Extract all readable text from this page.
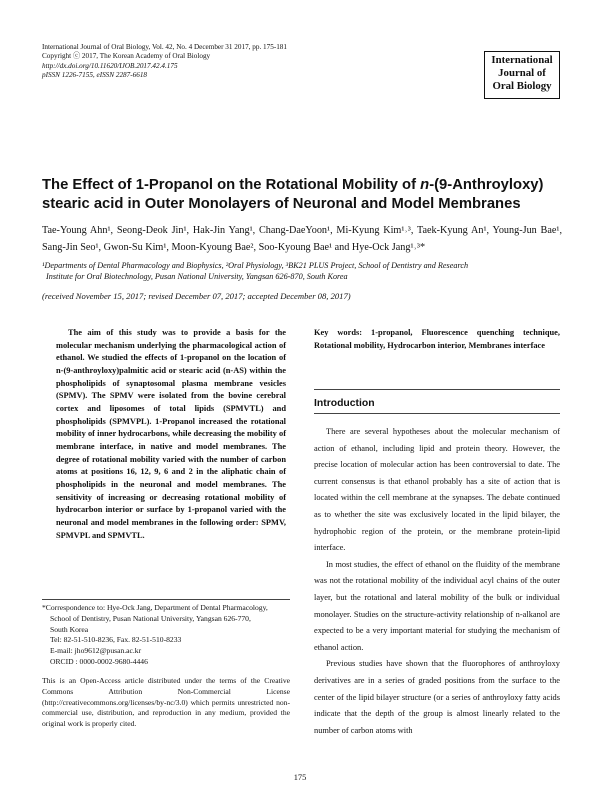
International Journal of Oral Biology, Vol. 42, No. 4 December 31 2017, pp. 175-181
Copyright ⓒ 2017, The Korean Academy of Oral Biology
http://dx.doi.org/10.11620/IJOB.2017.42.4.175
pISSN 1226-7155, eISSN 2287-6618
International
Journal of
Oral Biology
The Effect of 1-Propanol on the Rotational Mobility of n-(9-Anthroyloxy) stearic acid in Outer Monolayers of Neuronal and Model Membranes
Tae-Young Ahn¹, Seong-Deok Jin¹, Hak-Jin Yang¹, Chang-DaeYoon¹, Mi-Kyung Kim¹˒³, Taek-Kyung An¹, Young-Jun Bae¹, Sang-Jin Seo¹, Gwon-Su Kim¹, Moon-Kyoung Bae², Soo-Kyoung Bae¹ and Hye-Ock Jang¹˒³*
¹Departments of Dental Pharmacology and Biophysics, ²Oral Physiology, ³BK21 PLUS Project, School of Dentistry and Research
Institute for Oral Biotechnology, Pusan National University, Yangsan 626-870, South Korea
(received November 15, 2017; revised December 07, 2017; accepted December 08, 2017)

The aim of this study was to provide a basis for the molecular mechanism underlying the pharmacological action of ethanol. We studied the effects of 1-propanol on the location of n-(9-anthroyloxy)palmitic acid or stearic acid (n-AS) within the phospholipids of synaptosomal plasma membrane vesicles (SPMV). The SPMV were isolated from the bovine cerebral cortex and liposomes of total lipids (SPMVTL) and phospholipids (SPMVPL). 1-Propanol increased the rotational mobility of inner hydrocarbons, while decreasing the mobility of membrane interface, in native and model membranes. The degree of rotational mobility varied with the number of carbon atoms at positions 16, 12, 9, 6 and 2 in the aliphatic chain of phospholipids in the neuronal and model membranes. The sensitivity of increasing or decreasing rotational mobility of hydrocarbon interior or surface by 1-propanol varied with the neuronal and model membranes in the following order: SPMV, SPMVPL and SPMVTL.

*Correspondence to: Hye-Ock Jang, Department of Dental Pharmacology,
School of Dentistry, Pusan National University, Yangsan 626-770,
South Korea
Tel: 82-51-510-8236, Fax. 82-51-510-8233
E-mail: jho9612@pusan.ac.kr
ORCID : 0000-0002-9680-4446
This is an Open-Access article distributed under the terms of the Creative Commons Attribution Non-Commercial License (http://creativecommons.org/licenses/by-nc/3.0) which permits unrestricted non-commercial use, distribution, and reproduction in any medium, provided the original work is properly cited.
Key words: 1-propanol, Fluorescence quenching technique, Rotational mobility, Hydrocarbon interior, Membranes interface
Introduction

There are several hypotheses about the molecular mechanism of action of ethanol, including lipid and protein theory. However, the precise location of molecular action has been controversial to date. The current consensus is that ethanol probably has a site of action that is located within the cell membrane at the synapses. The debate continued as to whether the site was exclusively located in the lipid bilayer, the hydrophobic region of the protein, or the membrane protein-lipid interface.

In most studies, the effect of ethanol on the fluidity of the membrane was not the rotational mobility of the individual acyl chains of the outer layer, but the rotational and lateral mobility of the bulk or individual monolayer. Studies on the structure-activity relationship of n-alkanol are expected to be a very important material for studying the mechanism of ethanol action.

Previous studies have shown that the fluorophores of anthroyloxy derivatives are in a series of graded positions from the surface to the center of the lipid bilayer structure (or a series of anthroyloxy fatty acids indicate that the depth of the group is almost linearly related to the number of carbon atoms with

175
